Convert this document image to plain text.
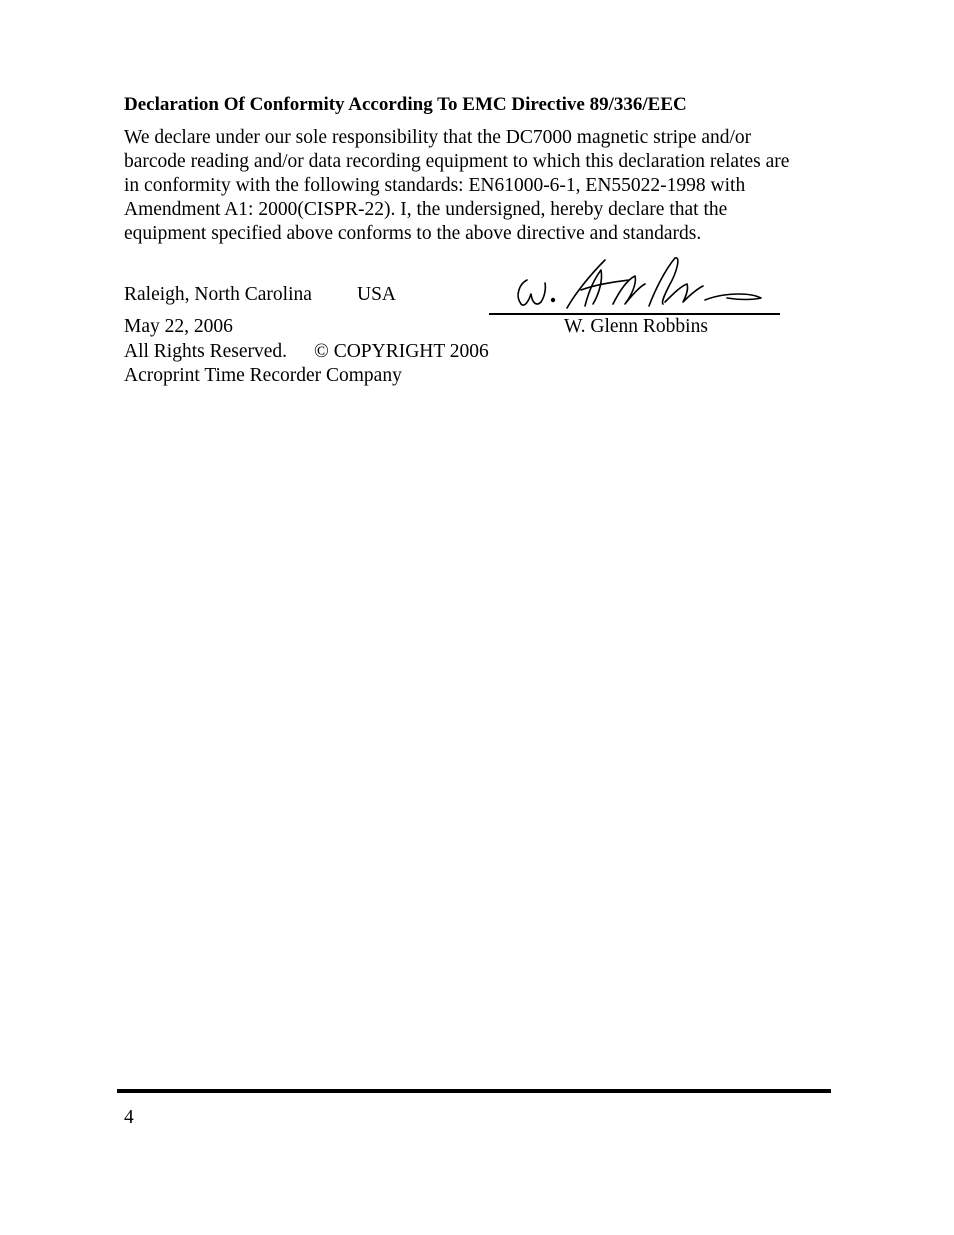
Declaration Of Conformity According To EMC Directive 89/336/EEC

We declare under our sole responsibility that the DC7000 magnetic stripe and/or
barcode reading and/or data recording equipment to which this declaration relates are
in conformity with the following standards: EN61000-6-1, EN55022-1998 with
Amendment A1: 2000(CISPR-22). I, the undersigned, hereby declare that the
equipment specified above conforms to the above directive and standards.

Raleigh, North Carolina USA
May 22, 2006	W. Glenn Robbins
All Rights Reserved. © COPYRIGHT 2006
Acroprint Time Recorder Company
4
